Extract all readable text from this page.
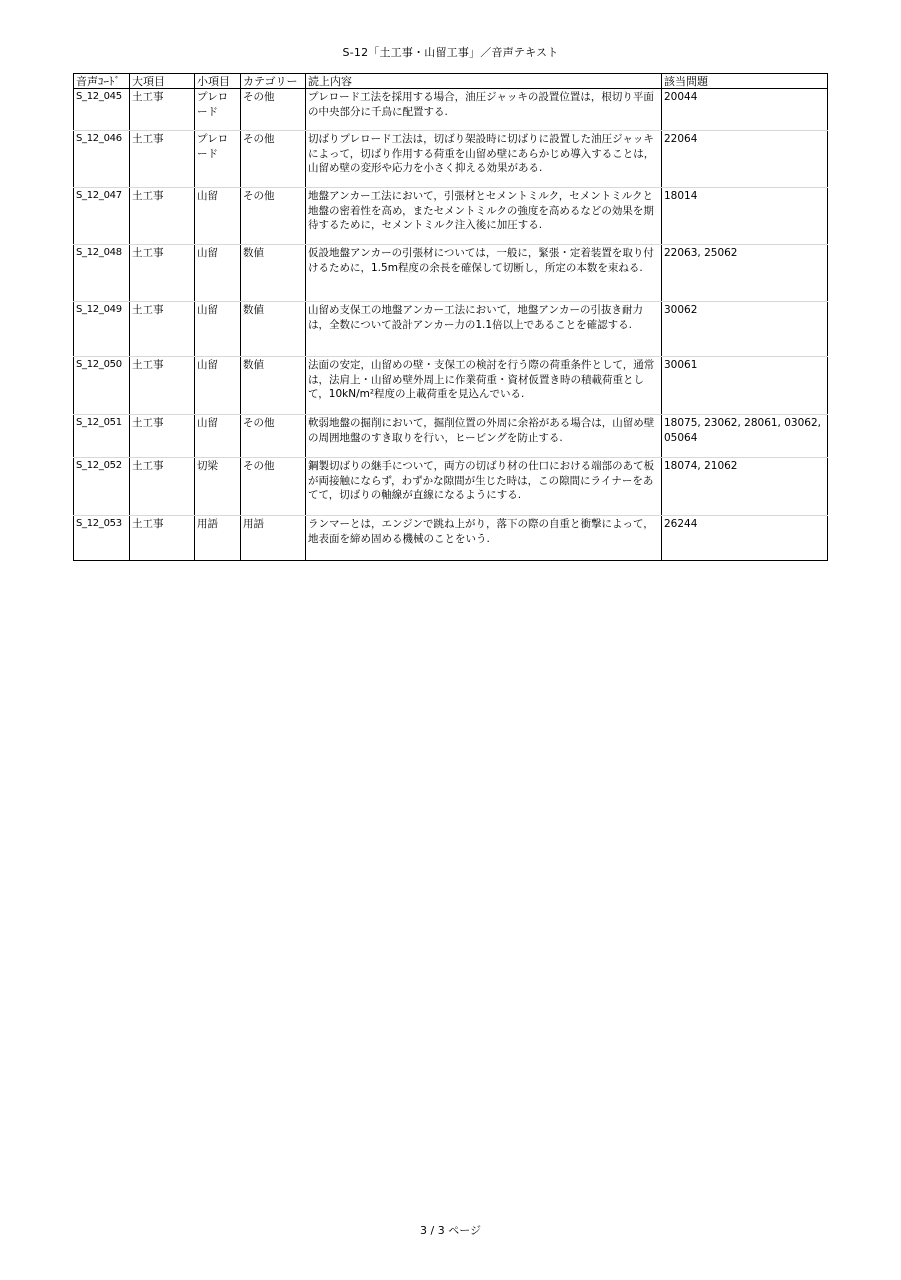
S-12「土工事・山留工事」／音声テキスト
音声ｺｰﾄﾞ	大項目	小項目	カテゴリー	読上内容	該当問題
S_12_045	土工事	プレロード	その他	プレロード工法を採用する場合，油圧ジャッキの設置位置は，根切り平面の中央部分に千鳥に配置する.	20044
S_12_046	土工事	プレロード	その他	切ばりプレロード工法は，切ばり架設時に切ばりに設置した油圧ジャッキによって，切ばり作用する荷重を山留め壁にあらかじめ導入することは，山留め壁の変形や応力を小さく抑える効果がある.	22064
S_12_047	土工事	山留	その他	地盤アンカー工法において，引張材とセメントミルク，セメントミルクと地盤の密着性を高め，またセメントミルクの強度を高めるなどの効果を期待するために，セメントミルク注入後に加圧する.	18014
S_12_048	土工事	山留	数値	仮設地盤アンカーの引張材については，一般に，緊張・定着装置を取り付けるために，1.5m程度の余長を確保して切断し，所定の本数を束ねる.	22063, 25062
S_12_049	土工事	山留	数値	山留め支保工の地盤アンカー工法において，地盤アンカーの引抜き耐力は，全数について設計アンカー力の1.1倍以上であることを確認する.	30062
S_12_050	土工事	山留	数値	法面の安定，山留めの壁・支保工の検討を行う際の荷重条件として，通常は，法肩上・山留め壁外周上に作業荷重・資材仮置き時の積載荷重として，10kN/m²程度の上載荷重を見込んでいる.	30061
S_12_051	土工事	山留	その他	軟弱地盤の掘削において，掘削位置の外周に余裕がある場合は，山留め壁の周囲地盤のすき取りを行い，ヒービングを防止する.	18075, 23062, 28061, 03062, 05064
S_12_052	土工事	切梁	その他	鋼製切ばりの継手について，両方の切ばり材の仕口における端部のあて板が両接触にならず，わずかな隙間が生じた時は，この隙間にライナーをあてて，切ばりの軸線が直線になるようにする.	18074, 21062
S_12_053	土工事	用語	用語	ランマーとは，エンジンで跳ね上がり，落下の際の自重と衝撃によって，地表面を締め固める機械のことをいう.	26244
3 / 3 ページ
